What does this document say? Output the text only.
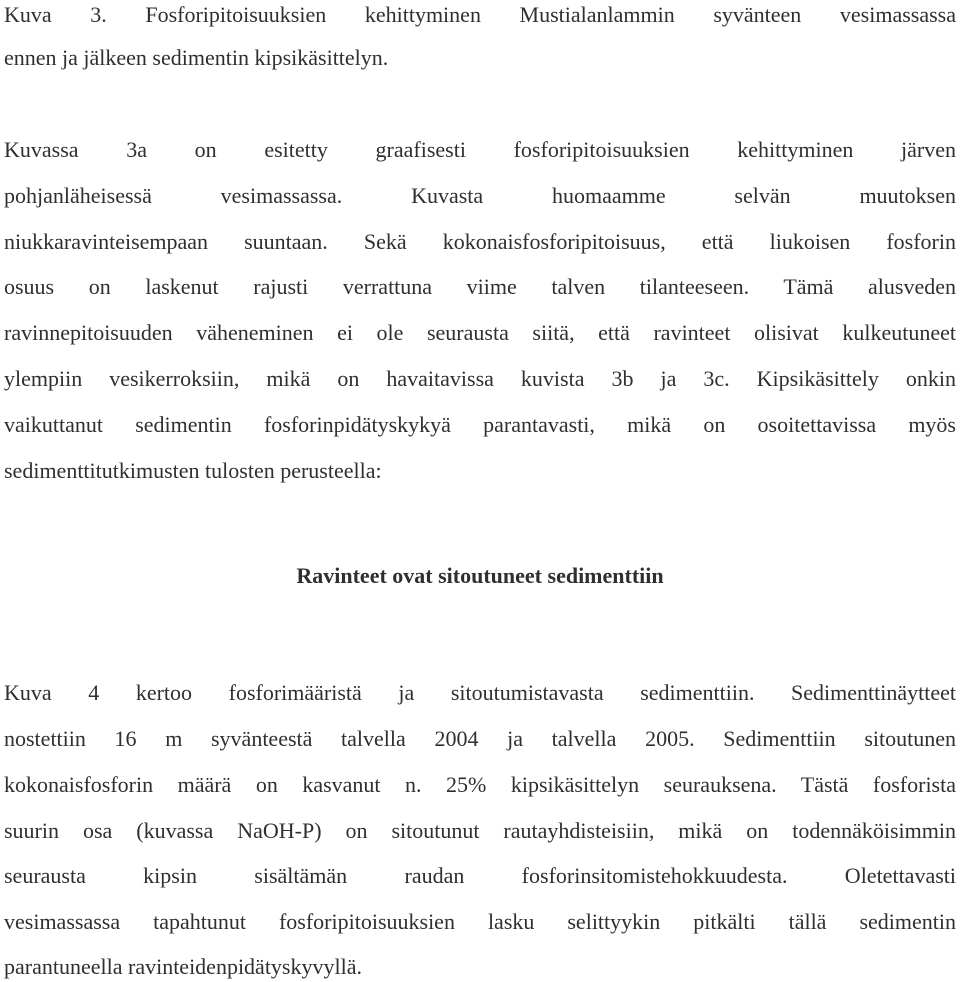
Kuva 3. Fosforipitoisuuksien kehittyminen Mustialanlammin syvänteen vesimassassa
ennen ja jälkeen sedimentin kipsikäsittelyn.
Kuvassa 3a on esitetty graafisesti fosforipitoisuuksien kehittyminen järven
pohjanläheisessä vesimassassa. Kuvasta huomaamme selvän muutoksen
niukkaravinteisempaan suuntaan. Sekä kokonaisfosforipitoisuus, että liukoisen fosforin
osuus on laskenut rajusti verrattuna viime talven tilanteeseen. Tämä alusveden
ravinnepitoisuuden väheneminen ei ole seurausta siitä, että ravinteet olisivat kulkeutuneet
ylempiin vesikerroksiin, mikä on havaitavissa kuvista 3b ja 3c. Kipsikäsittely onkin
vaikuttanut sedimentin fosforinpidätyskykyä parantavasti, mikä on osoitettavissa myös
sedimenttitutkimusten tulosten perusteella:
Ravinteet ovat sitoutuneet sedimenttiin
Kuva 4 kertoo fosforimääristä ja sitoutumistavasta sedimenttiin. Sedimenttinäytteet
nostettiin 16 m syvänteestä talvella 2004 ja talvella 2005. Sedimenttiin sitoutunen
kokonaisfosforin määrä on kasvanut n. 25% kipsikäsittelyn seurauksena. Tästä fosforista
suurin osa (kuvassa NaOH-P) on sitoutunut rautayhdisteisiin, mikä on todennäköisimmin
seurausta kipsin sisältämän raudan fosforinsitomistehokkuudesta. Oletettavasti
vesimassassa tapahtunut fosforipitoisuuksien lasku selittyykin pitkälti tällä sedimentin
parantuneella ravinteidenpidätyskyvyllä.
